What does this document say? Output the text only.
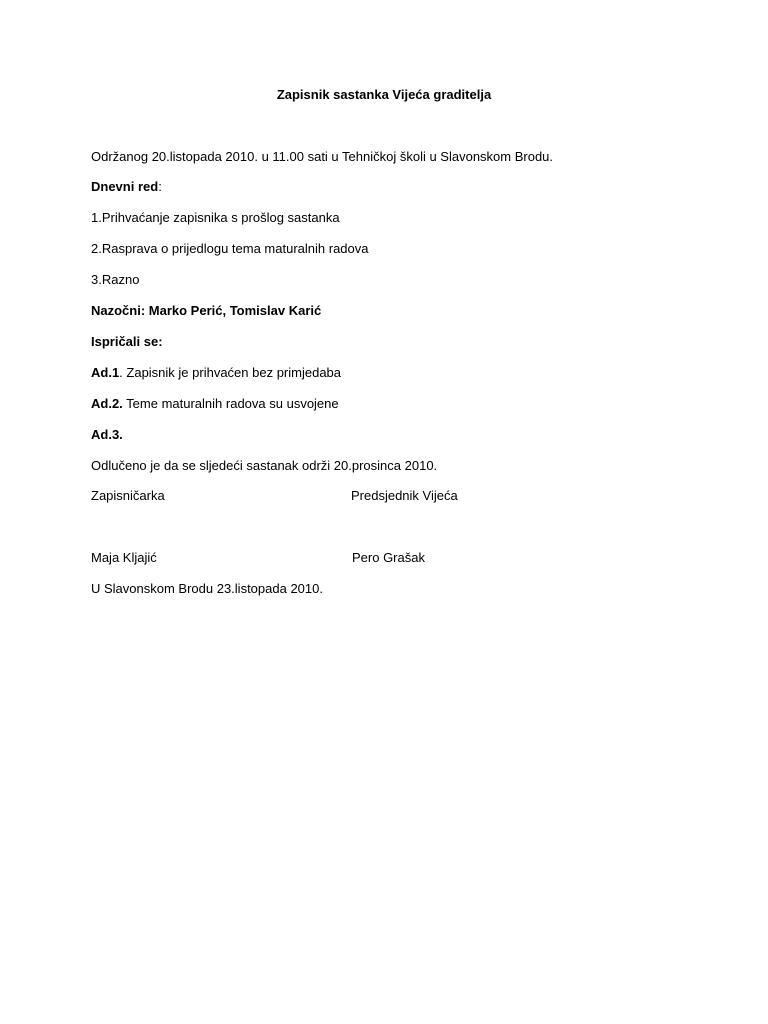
Zapisnik sastanka Vijeća graditelja
Održanog 20.listopada 2010. u 11.00 sati u Tehničkoj školi u Slavonskom Brodu.
Dnevni red:
1.Prihvaćanje zapisnika s prošlog sastanka
2.Rasprava o prijedlogu tema maturalnih radova
3.Razno
Nazočni: Marko Perić, Tomislav Karić
Ispričali se:
Ad.1. Zapisnik je prihvaćen bez primjedaba
Ad.2. Teme maturalnih radova su usvojene
Ad.3.
Odlučeno je da se sljedeći sastanak održi 20.prosinca 2010.
Zapisničarka	Predsjednik Vijeća
Maja Kljajić	Pero Grašak
U Slavonskom Brodu 23.listopada 2010.
